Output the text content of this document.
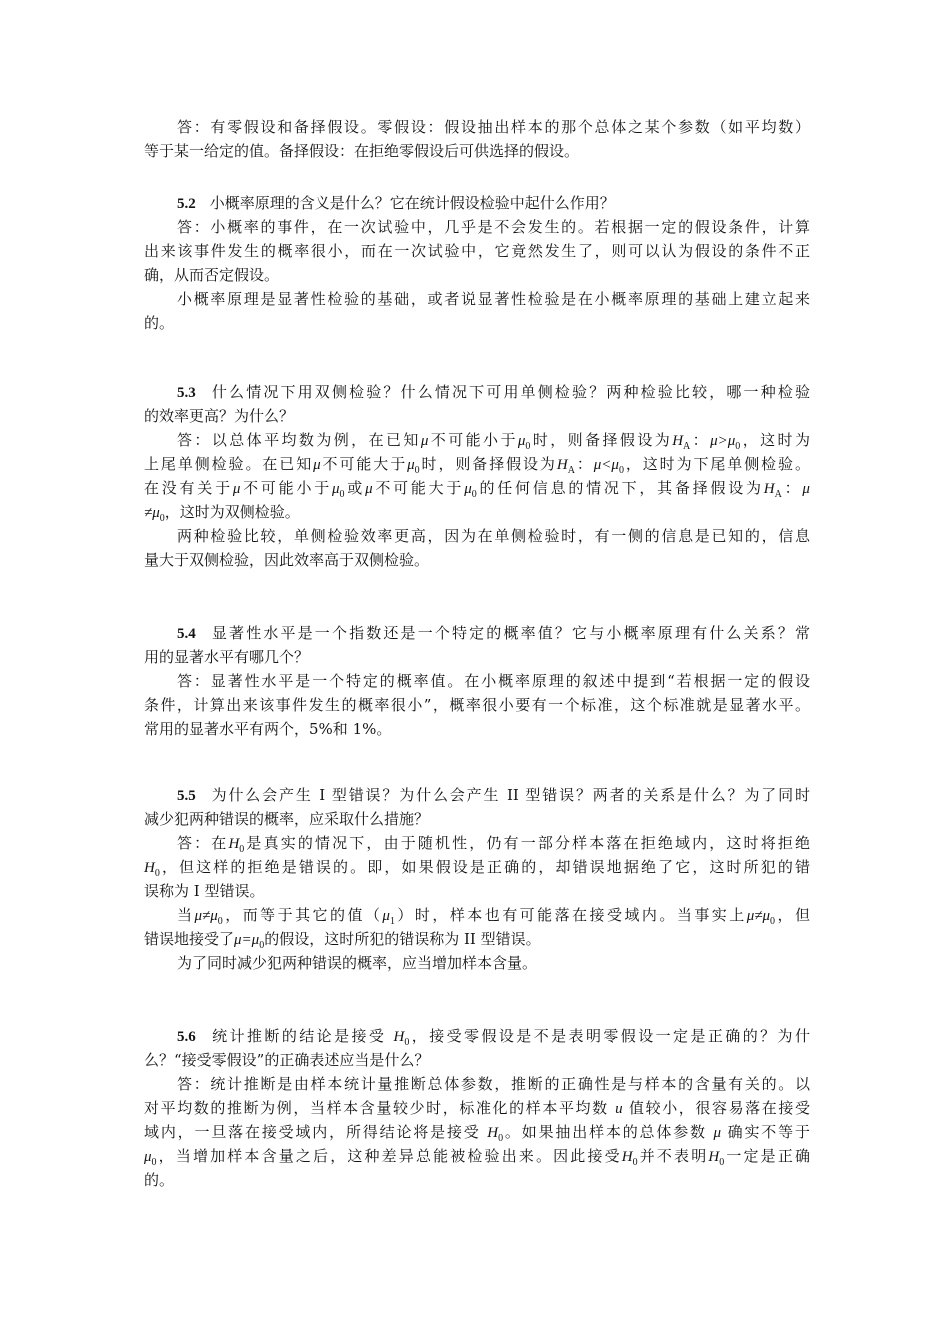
答：有零假设和备择假设。零假设：假设抽出样本的那个总体之某个参数（如平均数）

等于某一给定的值。备择假设：在拒绝零假设后可供选择的假设。

5.2 小概率原理的含义是什么？它在统计假设检验中起什么作用？

答：小概率的事件，在一次试验中，几乎是不会发生的。若根据一定的假设条件，计算

出来该事件发生的概率很小，而在一次试验中，它竟然发生了，则可以认为假设的条件不正

确，从而否定假设。

小概率原理是显著性检验的基础，或者说显著性检验是在小概率原理的基础上建立起来

的。

5.3 什么情况下用双侧检验？什么情况下可用单侧检验？两种检验比较，哪一种检验

的效率更高？为什么？

答：以总体平均数为例，在已知μ不可能小于$\mu_0$时，则备择假设为$H_A$：$\mu>\mu_0$，这时为

上尾单侧检验。在已知μ不可能大于$\mu_0$时，则备择假设为$H_A$：$\mu<\mu_0$，这时为下尾单侧检验。

在没有关于μ不可能小于$\mu_0$或μ不可能大于$\mu_0$的任何信息的情况下，其备择假设为$H_A$：μ

$\ne\mu_0$，这时为双侧检验。

两种检验比较，单侧检验效率更高，因为在单侧检验时，有一侧的信息是已知的，信息

量大于双侧检验，因此效率高于双侧检验。

5.4 显著性水平是一个指数还是一个特定的概率值？它与小概率原理有什么关系？常

用的显著水平有哪几个？

答：显著性水平是一个特定的概率值。在小概率原理的叙述中提到“若根据一定的假设

条件，计算出来该事件发生的概率很小”，概率很小要有一个标准，这个标准就是显著水平。

常用的显著水平有两个，5%和 1%。

5.5 为什么会产生 I 型错误？为什么会产生 II 型错误？两者的关系是什么？为了同时

减少犯两种错误的概率，应采取什么措施？

答：在$H_0$是真实的情况下，由于随机性，仍有一部分样本落在拒绝域内，这时将拒绝

$H_0$，但这样的拒绝是错误的。即，如果假设是正确的，却错误地据绝了它，这时所犯的错

误称为 I 型错误。

当$\mu\ne\mu_0$，而等于其它的值$(\mu_1)$时，样本也有可能落在接受域内。当事实上$\mu\ne\mu_0$，但

错误地接受了$\mu=\mu_0$的假设，这时所犯的错误称为 II 型错误。

为了同时减少犯两种错误的概率，应当增加样本含量。

5.6 统计推断的结论是接受 $H_0$，接受零假设是不是表明零假设一定是正确的？为什

么？“接受零假设”的正确表述应当是什么？

答：统计推断是由样本统计量推断总体参数，推断的正确性是与样本的含量有关的。以

对平均数的推断为例，当样本含量较少时，标准化的样本平均数 u 值较小，很容易落在接受

域内，一旦落在接受域内，所得结论将是接受 $H_0$。如果抽出样本的总体参数 μ 确实不等于

$\mu_0$，当增加样本含量之后，这种差异总能被检验出来。因此接受$H_0$并不表明$H_0$一定是正确

的。
